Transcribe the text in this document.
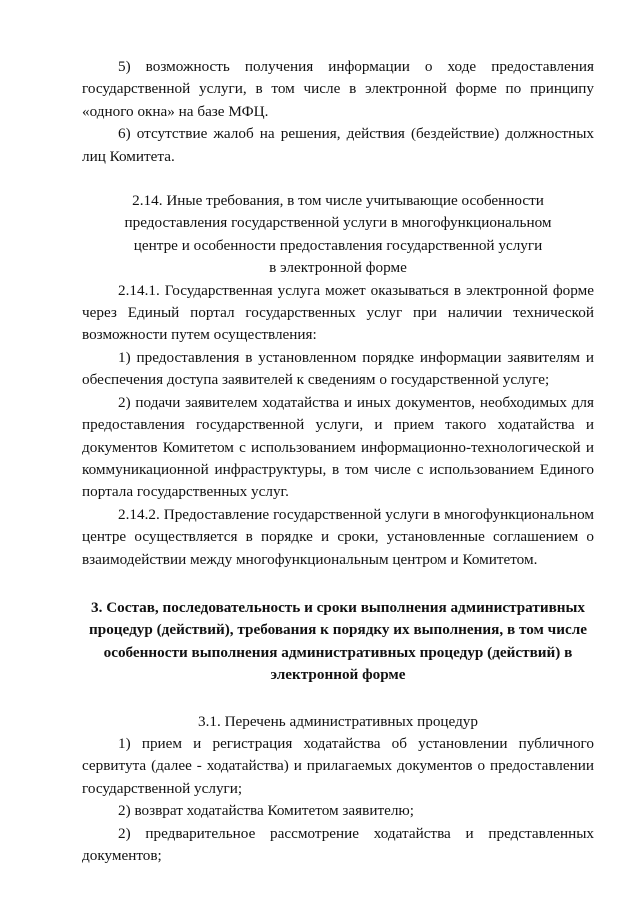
5) возможность получения информации о ходе предоставления государственной услуги, в том числе в электронной форме по принципу «одного окна» на базе МФЦ.

6) отсутствие жалоб на решения, действия (бездействие) должностных лиц Комитета.

2.14. Иные требования, в том числе учитывающие особенности
предоставления государственной услуги в многофункциональном
центре и особенности предоставления государственной услуги
в электронной форме

2.14.1. Государственная услуга может оказываться в электронной форме через Единый портал государственных услуг при наличии технической возможности путем осуществления:

1) предоставления в установленном порядке информации заявителям и обеспечения доступа заявителей к сведениям о государственной услуге;

2) подачи заявителем ходатайства и иных документов, необходимых для предоставления государственной услуги, и прием такого ходатайства и документов Комитетом с использованием информационно-технологической и коммуникационной инфраструктуры, в том числе с использованием Единого портала государственных услуг.

2.14.2. Предоставление государственной услуги в многофункциональном центре осуществляется в порядке и сроки, установленные соглашением о взаимодействии между многофункциональным центром и Комитетом.

3. Состав, последовательность и сроки выполнения административных
процедур (действий), требования к порядку их выполнения, в том числе
особенности выполнения административных процедур (действий) в
электронной форме

3.1. Перечень административных процедур

1) прием и регистрация ходатайства об установлении публичного сервитута (далее - ходатайства) и прилагаемых документов о предоставлении государственной услуги;

2) возврат ходатайства Комитетом заявителю;

2) предварительное рассмотрение ходатайства и представленных документов;
